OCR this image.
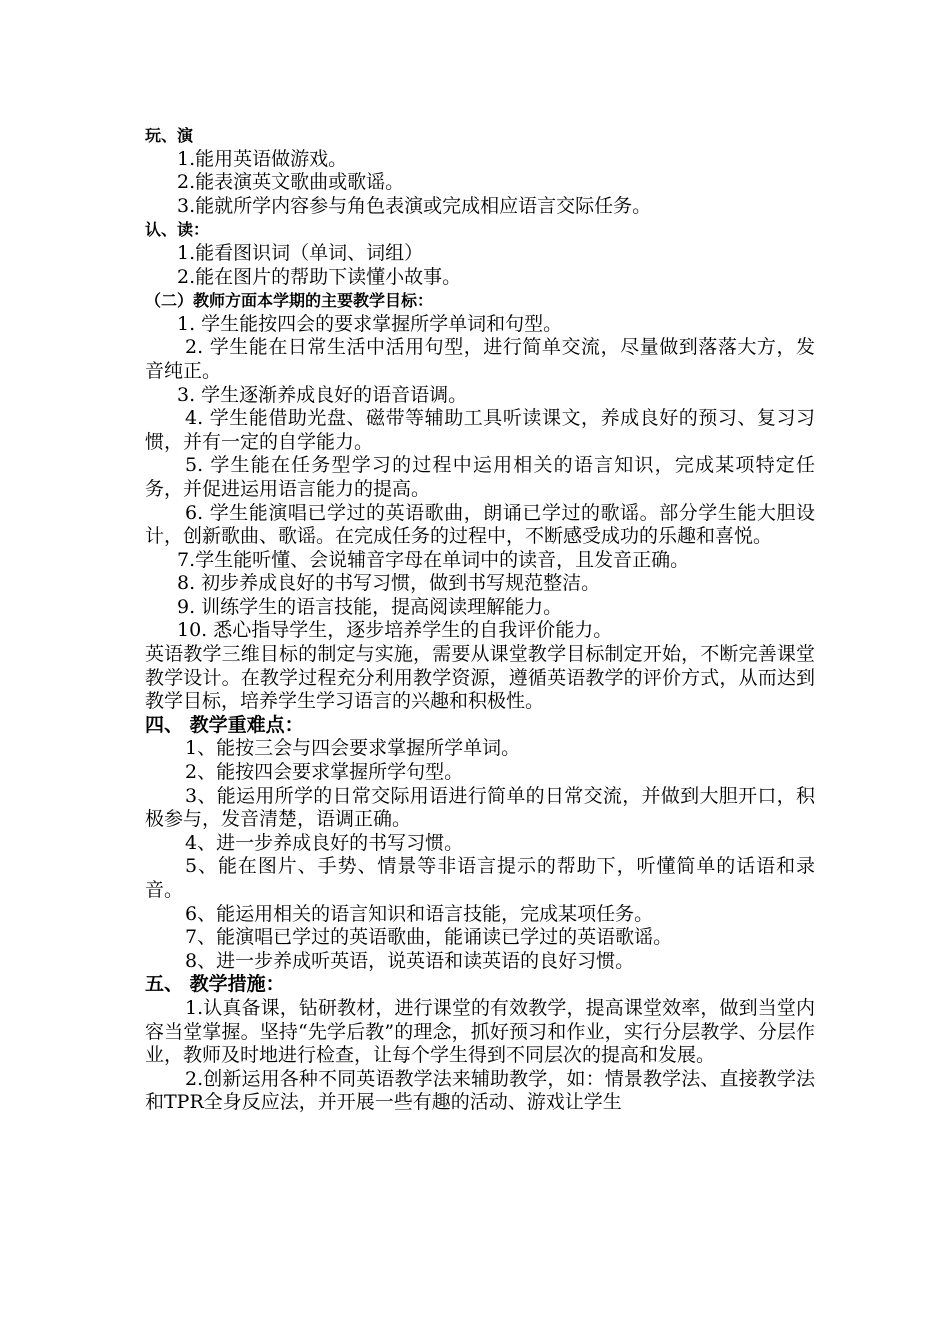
玩、演
1.能用英语做游戏。
2.能表演英文歌曲或歌谣。
3.能就所学内容参与角色表演或完成相应语言交际任务。
认、读：
1.能看图识词（单词、词组）
2.能在图片的帮助下读懂小故事。
（二）教师方面本学期的主要教学目标：
1. 学生能按四会的要求掌握所学单词和句型。
2. 学生能在日常生活中活用句型，进行简单交流，尽量做到落落大方，发音纯正。
3. 学生逐渐养成良好的语音语调。
4. 学生能借助光盘、磁带等辅助工具听读课文，养成良好的预习、复习习惯，并有一定的自学能力。
5. 学生能在任务型学习的过程中运用相关的语言知识，完成某项特定任务，并促进运用语言能力的提高。
6. 学生能演唱已学过的英语歌曲，朗诵已学过的歌谣。部分学生能大胆设计，创新歌曲、歌谣。在完成任务的过程中，不断感受成功的乐趣和喜悦。
7.学生能听懂、会说辅音字母在单词中的读音，且发音正确。
8. 初步养成良好的书写习惯，做到书写规范整洁。
9. 训练学生的语言技能，提高阅读理解能力。
10. 悉心指导学生，逐步培养学生的自我评价能力。
英语教学三维目标的制定与实施，需要从课堂教学目标制定开始，不断完善课堂教学设计。在教学过程充分利用教学资源，遵循英语教学的评价方式，从而达到教学目标，培养学生学习语言的兴趣和积极性。
四、 教学重难点：
1、能按三会与四会要求掌握所学单词。
2、能按四会要求掌握所学句型。
3、能运用所学的日常交际用语进行简单的日常交流，并做到大胆开口，积极参与，发音清楚，语调正确。
4、进一步养成良好的书写习惯。
5、能在图片、手势、情景等非语言提示的帮助下，听懂简单的话语和录音。
6、能运用相关的语言知识和语言技能，完成某项任务。
7、能演唱已学过的英语歌曲，能诵读已学过的英语歌谣。
8、进一步养成听英语，说英语和读英语的良好习惯。
五、 教学措施：
1.认真备课，钻研教材，进行课堂的有效教学，提高课堂效率，做到当堂内容当堂掌握。坚持“先学后教”的理念，抓好预习和作业，实行分层教学、分层作业，教师及时地进行检查，让每个学生得到不同层次的提高和发展。
2.创新运用各种不同英语教学法来辅助教学，如：情景教学法、直接教学法和TPR全身反应法，并开展一些有趣的活动、游戏让学生
